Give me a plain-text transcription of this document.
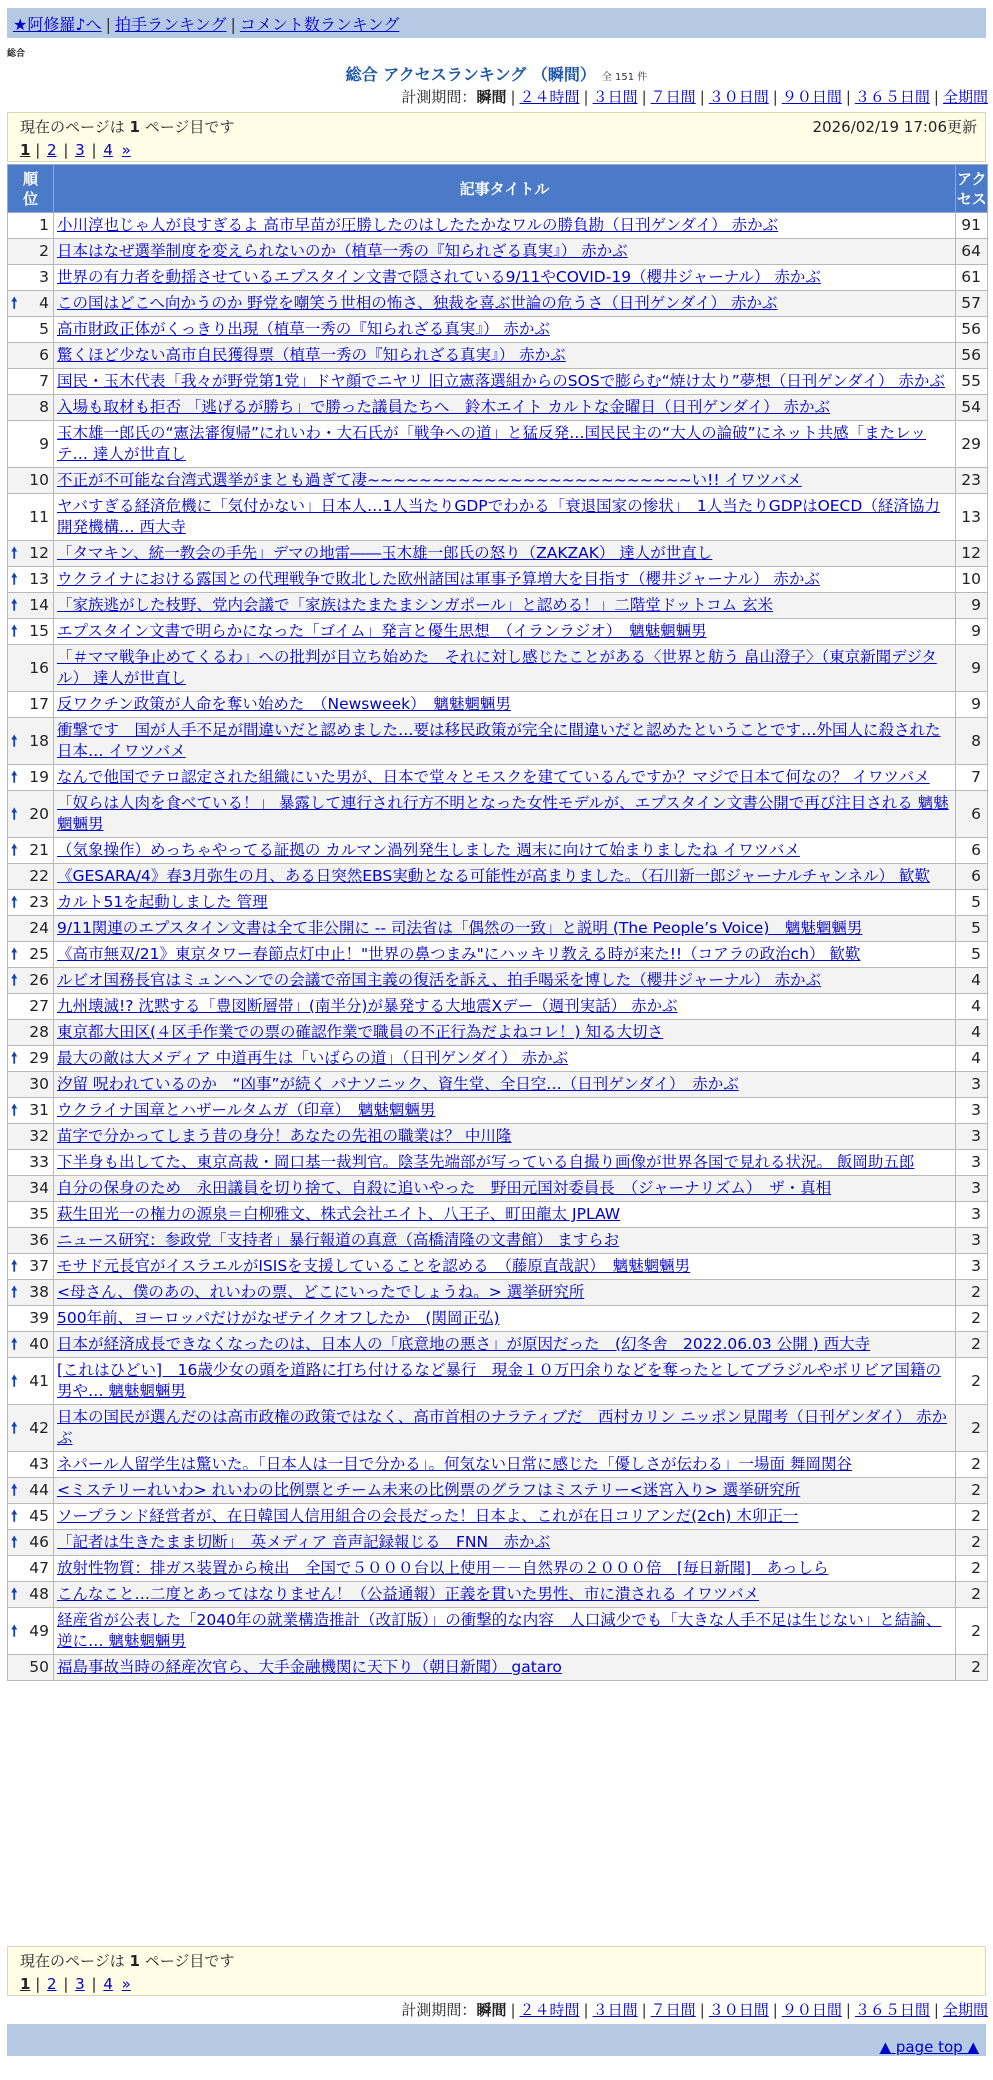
★阿修羅♪へ | 拍手ランキング | コメント数ランキング
総合
総合 アクセスランキング （瞬間） 全 151 件
計測期間：瞬間 | ２４時間 | ３日間 | ７日間 | ３０日間 | ９０日間 | ３６５日間 | 全期間
現在のページは 1 ページ目です	2026/02/19 17:06更新
1 | 2 | 3 | 4 »
順位	記事タイトル	アクセス
1	小川淳也じゃ人が良すぎるよ 高市早苗が圧勝したのはしたたかなワルの勝負勘（日刊ゲンダイ） 赤かぶ	91
2	日本はなぜ選挙制度を変えられないのか（植草一秀の『知られざる真実』） 赤かぶ	64
3	世界の有力者を動揺させているエプスタイン文書で隠されている9/11やCOVID-19（櫻井ジャーナル） 赤かぶ	61

🠕 4	この国はどこへ向かうのか 野党を嘲笑う世相の怖さ、独裁を喜ぶ世論の危うさ（日刊ゲンダイ） 赤かぶ	57
5	高市財政正体がくっきり出現（植草一秀の『知られざる真実』） 赤かぶ	56
6	驚くほど少ない高市自民獲得票（植草一秀の『知られざる真実』） 赤かぶ	56
7	国民・玉木代表「我々が野党第1党」ドヤ顔でニヤリ 旧立憲落選組からのSOSで膨らむ“焼け太り”夢想（日刊ゲンダイ） 赤かぶ	55
8	入場も取材も拒否 「逃げるが勝ち」で勝った議員たちへ　鈴木エイト カルトな金曜日（日刊ゲンダイ） 赤かぶ	54
9	玉木雄一郎氏の“憲法審復帰”にれいわ・大石氏が「戦争への道」と猛反発…国民民主の“大人の論破”にネット共感「またレッテ… 達人が世直し	29
10	不正が不可能な台湾式選挙がまとも過ぎて凄~~~~~~~~~~~~~~~~~~~~~~~~~い!! イワツバメ	23
11	ヤバすぎる経済危機に「気付かない」日本人…1人当たりGDPでわかる「衰退国家の惨状」　1人当たりGDPはOECD（経済協力開発機構… 西大寺	13

🠕 12	「タマキン、統一教会の手先」デマの地雷――玉木雄一郎氏の怒り（ZAKZAK） 達人が世直し	12

🠕 13	ウクライナにおける露国との代理戦争で敗北した欧州諸国は軍事予算増大を目指す（櫻井ジャーナル） 赤かぶ	10

🠕 14	「家族逃がした枝野、党内会議で「家族はたまたまシンガポール」と認める！」二階堂ドットコム 玄米	9

🠕 15	エプスタイン文書で明らかになった「ゴイム」発言と優生思想　（イランラジオ）　魑魅魍魎男	9
16	「＃ママ戦争止めてくるわ」への批判が目立ち始めた　それに対し感じたことがある〈世界と舫う 畠山澄子〉（東京新聞デジタル） 達人が世直し	9
17	反ワクチン政策が人命を奪い始めた　（Newsweek）　魑魅魍魎男	9

🠕 18	衝撃です　国が人手不足が間違いだと認めました…要は移民政策が完全に間違いだと認めたということです…外国人に殺された日本… イワツバメ	8

🠕 19	なんで他国でテロ認定された組織にいた男が、日本で堂々とモスクを建てているんですか？マジで日本て何なの？ イワツバメ	7

🠕 20	「奴らは人肉を食べている！」 暴露して連行され行方不明となった女性モデルが、エプスタイン文書公開で再び注目される 魑魅魍魎男	6

🠕 21	（気象操作）めっちゃやってる証拠の カルマン渦列発生しました 週末に向けて始まりましたね イワツバメ	6
22	《GESARA/4》春3月弥生の月、ある日突然EBS実動となる可能性が高まりました。（石川新一郎ジャーナルチャンネル） 歓歎	6

🠕 23	カルト51を起動しました 管理	5
24	9/11関連のエプスタイン文書は全て非公開に -- 司法省は「偶然の一致」と説明 (The People’s Voice)　魑魅魍魎男	5

🠕 25	《高市無双/21》東京タワー春節点灯中止！"世界の鼻つまみ"にハッキリ教える時が来た!!（コアラの政治ch） 歓歎	5

🠕 26	ルビオ国務長官はミュンヘンでの会議で帝国主義の復活を訴え、拍手喝采を博した（櫻井ジャーナル） 赤かぶ	4
27	九州壊滅!? 沈黙する「豊図断層帯」(南半分)が暴発する大地震Xデー（週刊実話） 赤かぶ	4
28	東京都大田区(４区手作業での票の確認作業で職員の不正行為だよねコレ！) 知る大切さ	4

🠕 29	最大の敵は大メディア 中道再生は「いばらの道」（日刊ゲンダイ） 赤かぶ	4
30	汐留 呪われているのか　“凶事”が続く パナソニック、資生堂、全日空…（日刊ゲンダイ）　赤かぶ	3

🠕 31	ウクライナ国章とハザールタムガ（印章）　魑魅魍魎男	3
32	苗字で分かってしまう昔の身分！あなたの先祖の職業は？ 中川隆	3
33	下半身も出してた、東京高裁・岡口基一裁判官。陰茎先端部が写っている自撮り画像が世界各国で見れる状況。 飯岡助五郎	3
34	自分の保身のため　永田議員を切り捨て、自殺に追いやった　野田元国対委員長　（ジャーナリズム）　ザ・真相	3
35	萩生田光一の権力の源泉＝白柳雅文、株式会社エイト、八王子、町田龍太 JPLAW	3
36	ニュース研究：参政党「支持者」暴行報道の真意（高橋清隆の文書館） ますらお	3

🠕 37	モサド元長官がイスラエルがISISを支援していることを認める　（藤原直哉訳）　魑魅魍魎男	3

🠕 38	<母さん、僕のあの、れいわの票、どこにいったでしょうね。> 選挙研究所	2
39	500年前、ヨーロッパだけがなぜテイクオフしたか　(関岡正弘)	2

🠕 40	日本が経済成長できなくなったのは、日本人の「底意地の悪さ」が原因だった　(幻冬舎　2022.06.03 公開 ) 西大寺	2

🠕 41	[これはひどい]　16歳少女の頭を道路に打ち付けるなど暴行　現金１０万円余りなどを奪ったとしてブラジルやボリビア国籍の男や… 魑魅魍魎男	2

🠕 42	日本の国民が選んだのは高市政権の政策ではなく、高市首相のナラティブだ　西村カリン ニッポン見聞考（日刊ゲンダイ） 赤かぶ	2
43	ネパール人留学生は驚いた。「日本人は一目で分かる」。何気ない日常に感じた「優しさが伝わる」一場面 舞岡関谷	2

🠕 44	<ミステリーれいわ> れいわの比例票とチーム未来の比例票のグラフはミステリー<迷宮入り> 選挙研究所	2

🠕 45	ソープランド経営者が、在日韓国人信用組合の会長だった！日本よ、これが在日コリアンだ(2ch) 木卯正一	2

🠕 46	「記者は生きたまま切断」　英メディア 音声記録報じる　FNN　赤かぶ	2
47	放射性物質：排ガス装置から検出　全国で５０００台以上使用－－自然界の２０００倍　[毎日新聞]　あっしら	2

🠕 48	こんなこと…二度とあってはなりません！（公益通報）正義を貫いた男性、市に潰される イワツバメ	2

🠕 49	経産省が公表した「2040年の就業構造推計（改訂版）」の衝撃的な内容　人口減少でも「大きな人手不足は生じない」と結論、逆に… 魑魅魍魎男	2
50	福島事故当時の経産次官ら、大手金融機関に天下り（朝日新聞） gataro	2
現在のページは 1 ページ目です
1 | 2 | 3 | 4 »
計測期間：瞬間 | ２４時間 | ３日間 | ７日間 | ３０日間 | ９０日間 | ３６５日間 | 全期間
▲ page top ▲
